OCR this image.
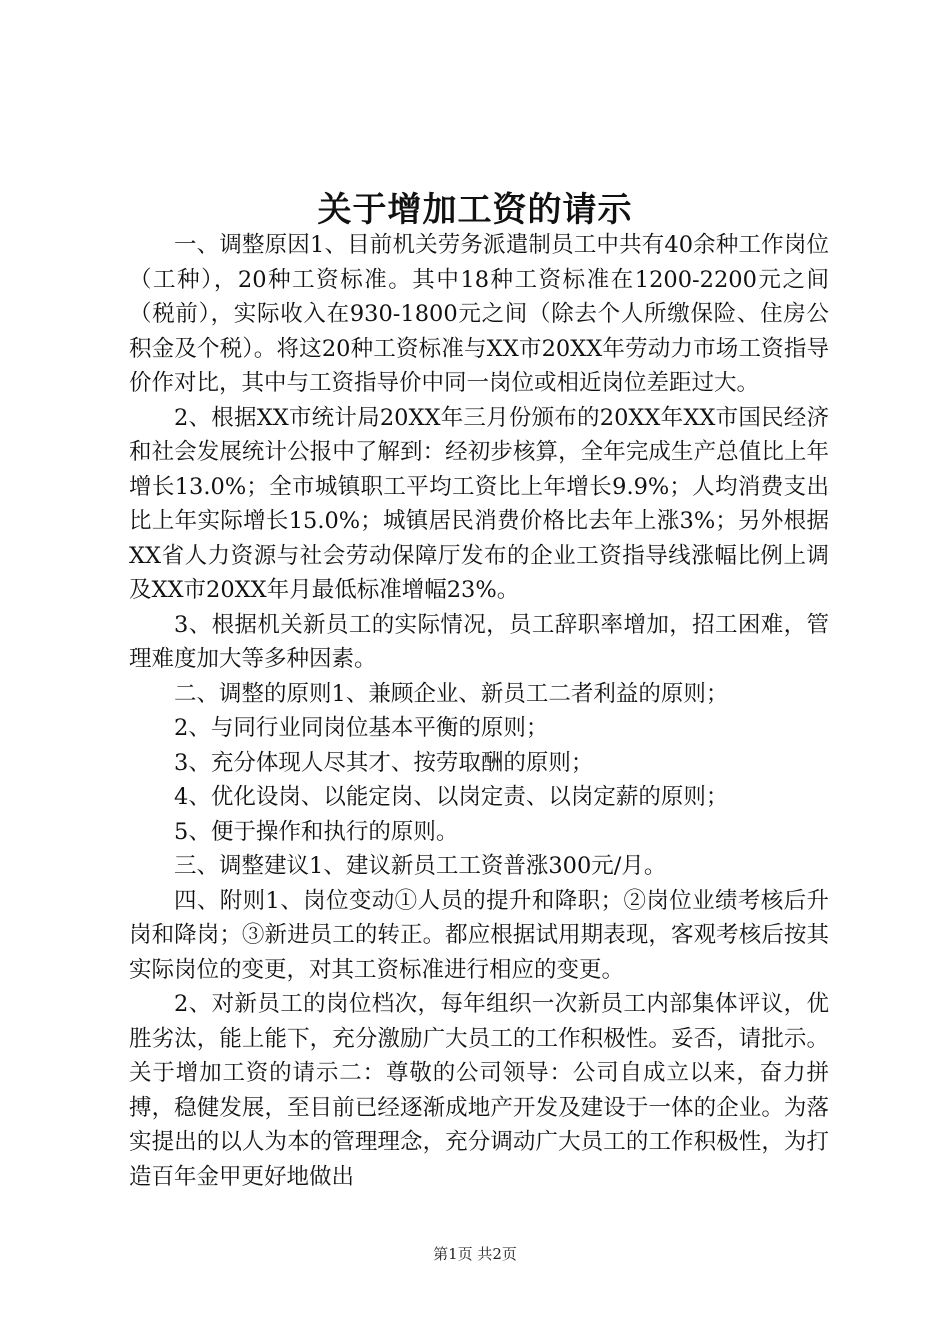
关于增加工资的请示

一、调整原因1、目前机关劳务派遣制员工中共有40余种工作岗位（工种），20种工资标准。其中18种工资标准在1200-2200元之间（税前），实际收入在930-1800元之间（除去个人所缴保险、住房公积金及个税）。将这20种工资标准与XX市20XX年劳动力市场工资指导价作对比，其中与工资指导价中同一岗位或相近岗位差距过大。

2、根据XX市统计局20XX年三月份颁布的20XX年XX市国民经济和社会发展统计公报中了解到：经初步核算，全年完成生产总值比上年增长13.0%；全市城镇职工平均工资比上年增长9.9%；人均消费支出比上年实际增长15.0%；城镇居民消费价格比去年上涨3%；另外根据XX省人力资源与社会劳动保障厅发布的企业工资指导线涨幅比例上调及XX市20XX年月最低标准增幅23%。

3、根据机关新员工的实际情况，员工辞职率增加，招工困难，管理难度加大等多种因素。

二、调整的原则1、兼顾企业、新员工二者利益的原则；

2、与同行业同岗位基本平衡的原则；

3、充分体现人尽其才、按劳取酬的原则；

4、优化设岗、以能定岗、以岗定责、以岗定薪的原则；

5、便于操作和执行的原则。

三、调整建议1、建议新员工工资普涨300元/月。

四、附则1、岗位变动①人员的提升和降职；②岗位业绩考核后升岗和降岗；③新进员工的转正。都应根据试用期表现，客观考核后按其实际岗位的变更，对其工资标准进行相应的变更。

2、对新员工的岗位档次，每年组织一次新员工内部集体评议，优胜劣汰，能上能下，充分激励广大员工的工作积极性。妥否，请批示。关于增加工资的请示二：尊敬的公司领导：公司自成立以来，奋力拼搏，稳健发展，至目前已经逐渐成地产开发及建设于一体的企业。为落实提出的以人为本的管理理念，充分调动广大员工的工作积极性，为打造百年金甲更好地做出

第1页 共2页
